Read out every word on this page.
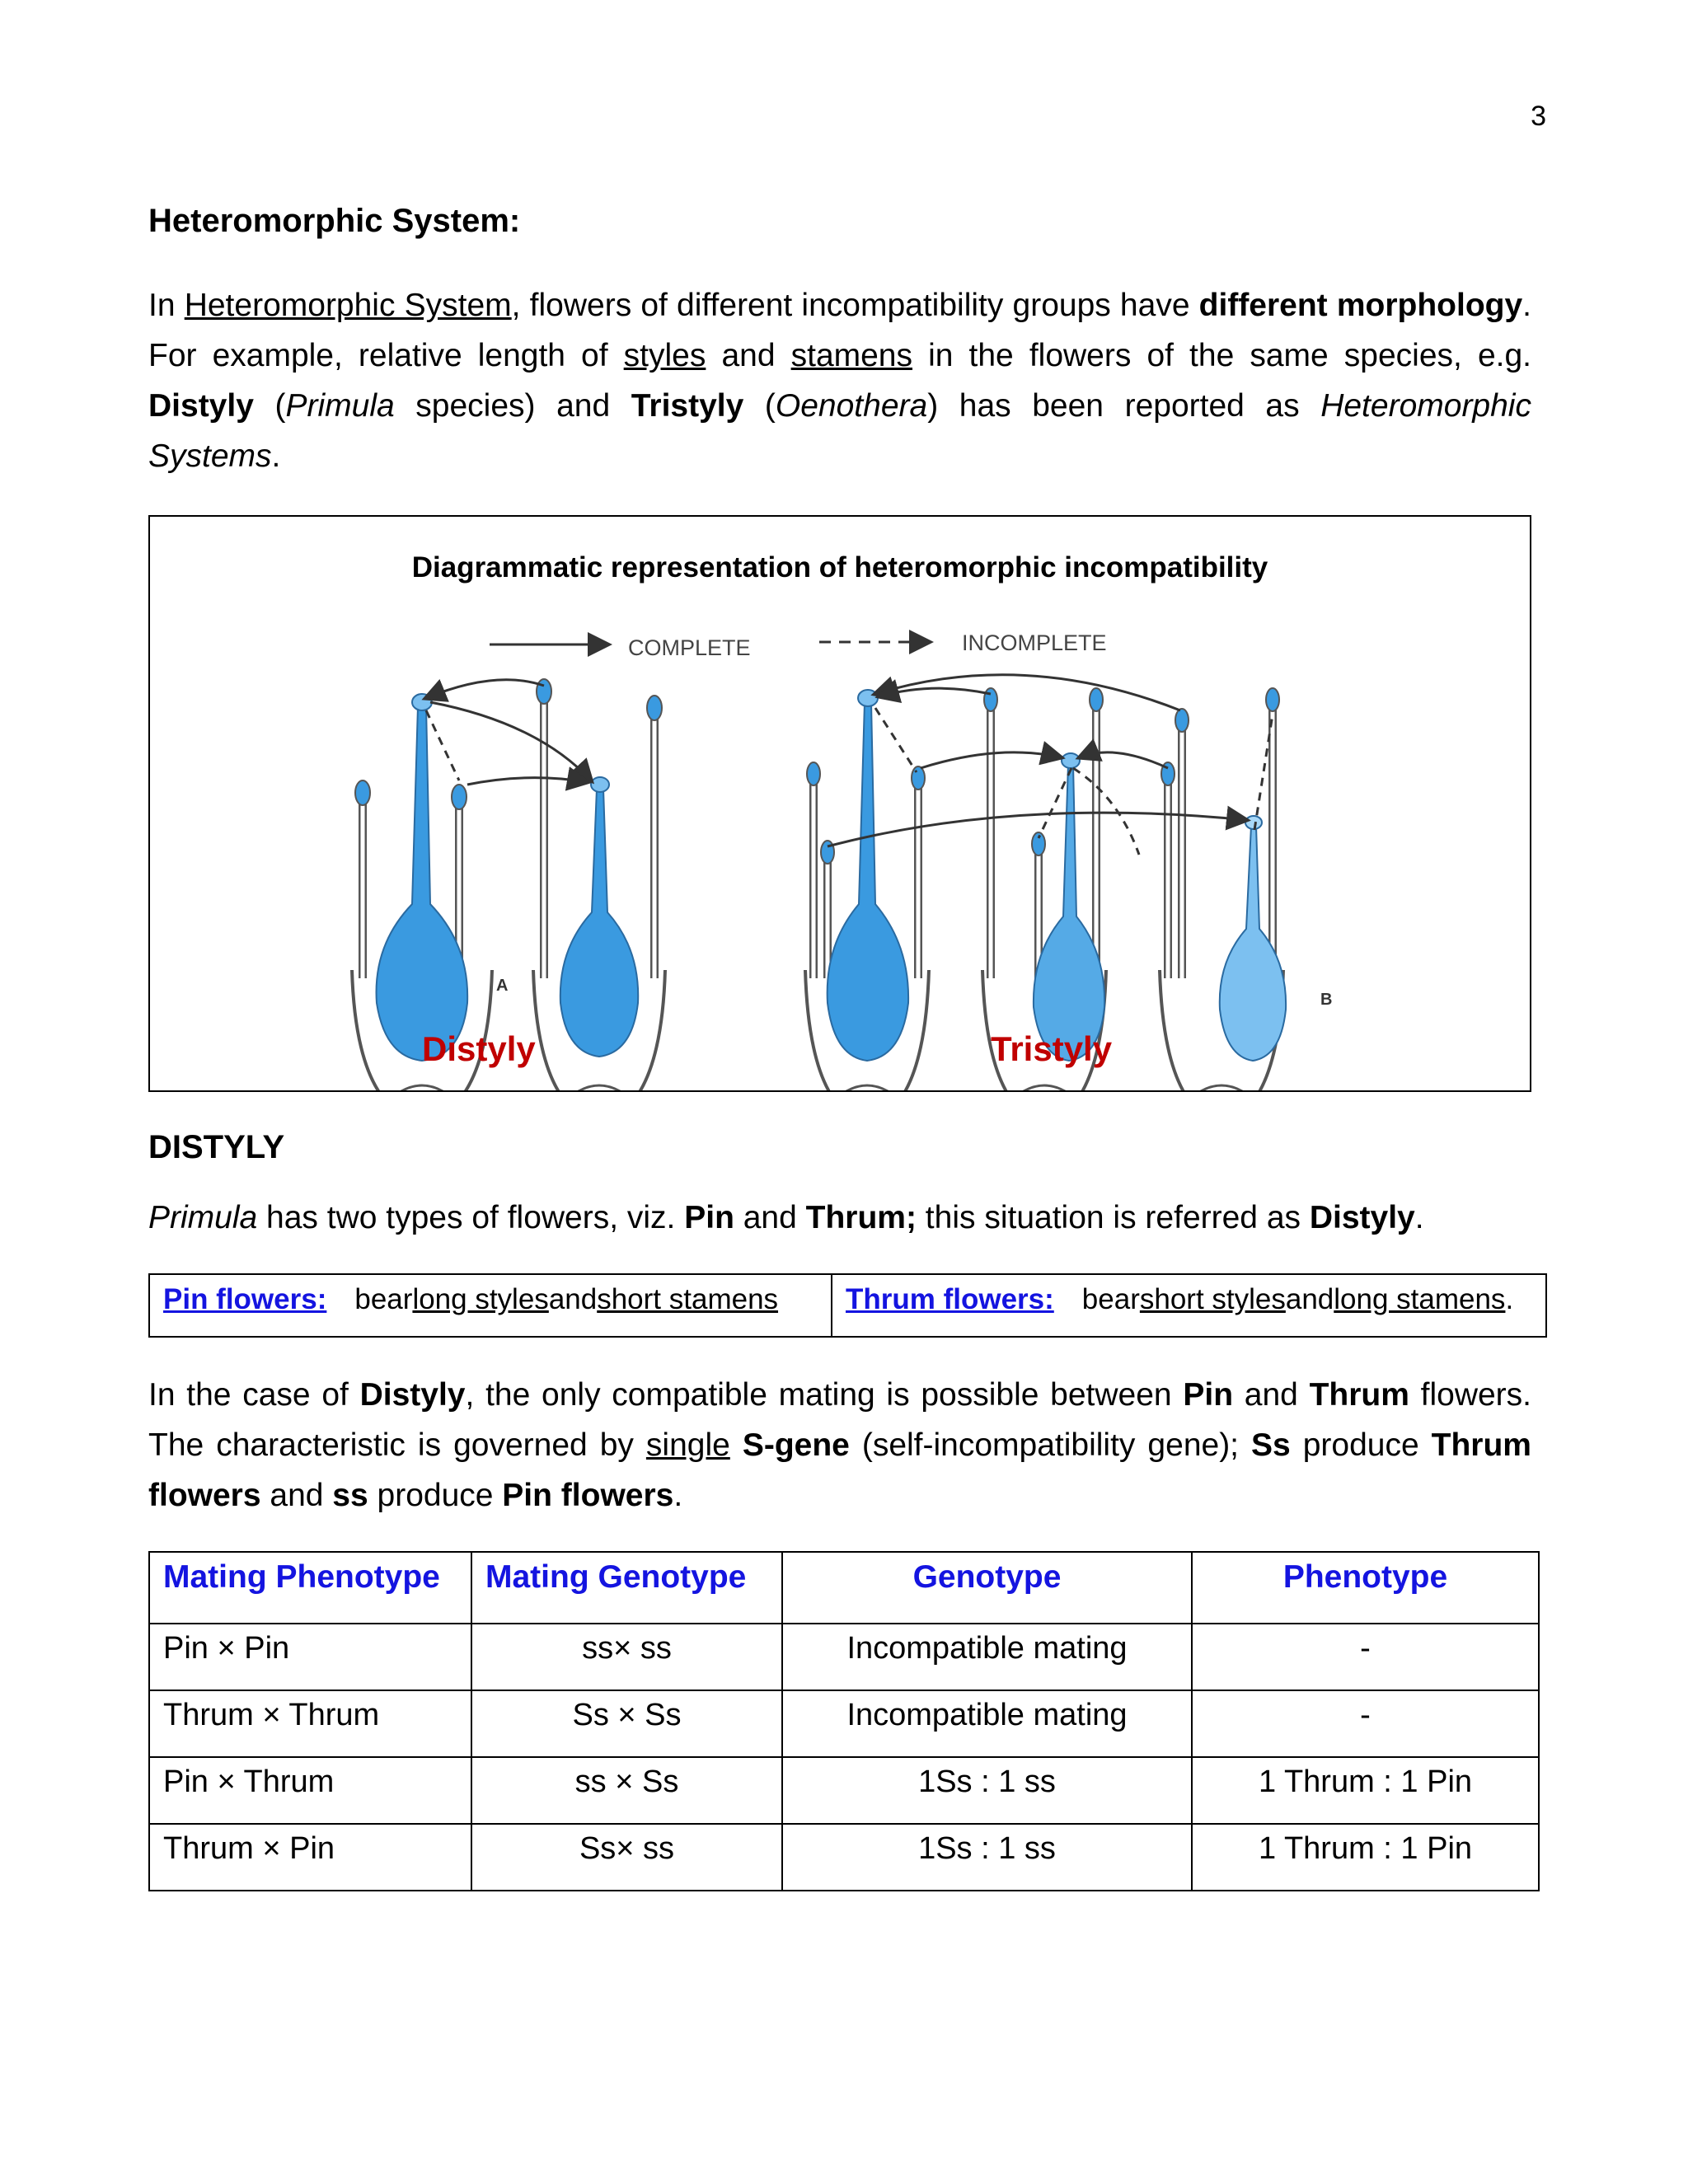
3
Heteromorphic System:
In Heteromorphic System, flowers of different incompatibility groups have different morphology. For example, relative length of styles and stamens in the flowers of the same species, e.g. Distyly (Primula species) and Tristyly (Oenothera) has been reported as Heteromorphic Systems.
Diagrammatic representation of heteromorphic incompatibility
COMPLETE	INCOMPLETE
A
B
Distyly	Tristyly
DISTYLY
Primula has two types of flowers, viz. Pin and Thrum; this situation is referred as Distyly.
Pin flowers: bear long styles and short stamens Thrum flowers: bear short styles and long stamens .
In the case of Distyly, the only compatible mating is possible between Pin and Thrum flowers. The characteristic is governed by single S-gene (self-incompatibility gene); Ss produce Thrum flowers and ss produce Pin flowers.
Mating Phenotype	Mating Genotype	Genotype	Phenotype
Pin × Pin	ss× ss	Incompatible mating	-
Thrum × Thrum	Ss × Ss	Incompatible mating	-
Pin × Thrum	ss × Ss	1Ss : 1 ss	1 Thrum : 1 Pin
Thrum × Pin	Ss× ss	1Ss : 1 ss	1 Thrum : 1 Pin
